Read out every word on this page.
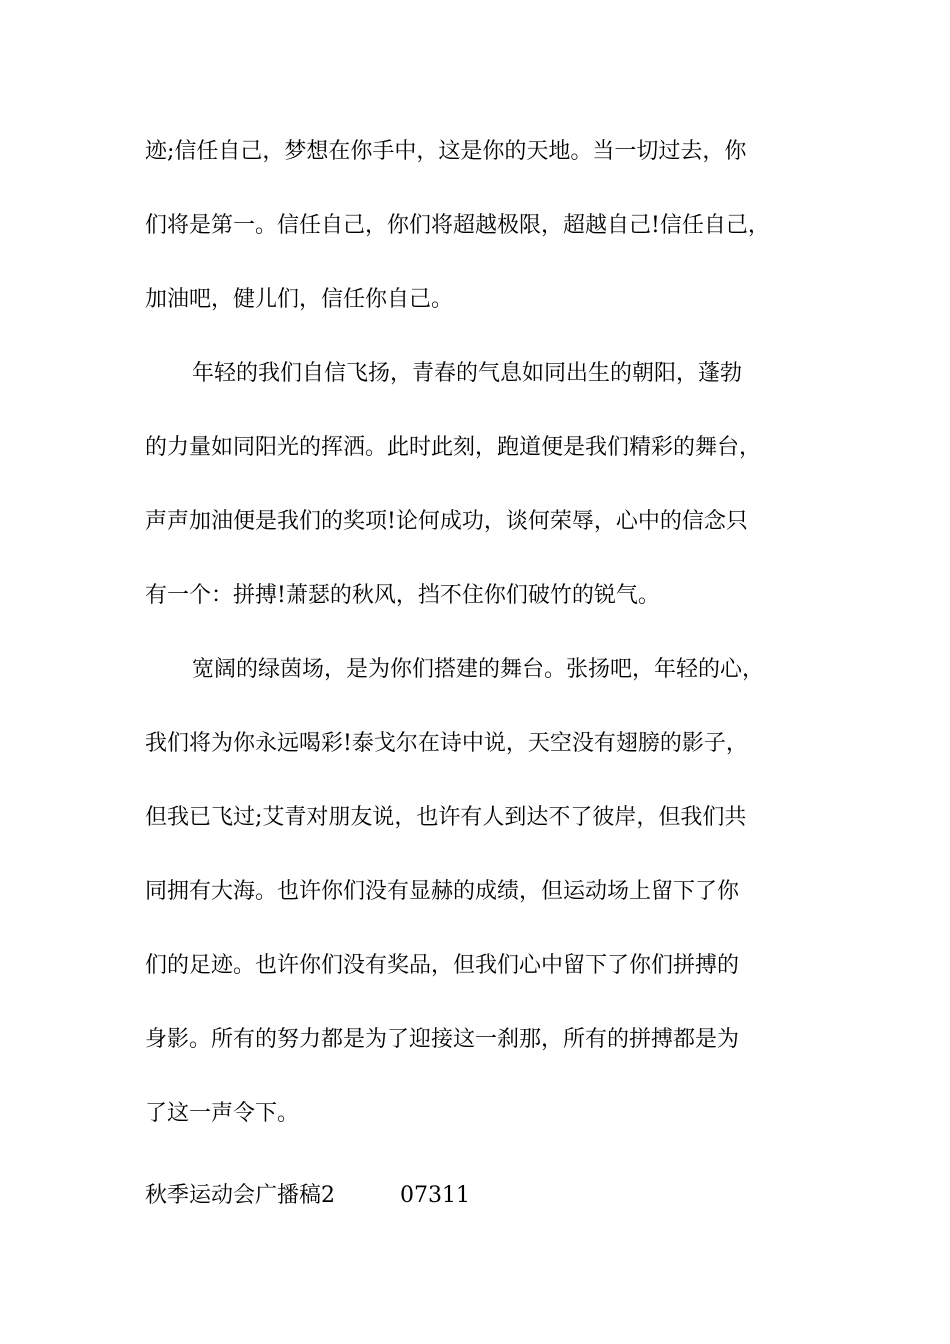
迹;信任自己，梦想在你手中，这是你的天地。当一切过去，你
们将是第一。信任自己，你们将超越极限，超越自己!信任自己，
加油吧，健儿们，信任你自己。
年轻的我们自信飞扬，青春的气息如同出生的朝阳，蓬勃
的力量如同阳光的挥洒。此时此刻，跑道便是我们精彩的舞台，
声声加油便是我们的奖项!论何成功，谈何荣辱，心中的信念只
有一个：拼搏!萧瑟的秋风，挡不住你们破竹的锐气。
宽阔的绿茵场，是为你们搭建的舞台。张扬吧，年轻的心，
我们将为你永远喝彩!泰戈尔在诗中说，天空没有翅膀的影子，
但我已飞过;艾青对朋友说，也许有人到达不了彼岸，但我们共
同拥有大海。也许你们没有显赫的成绩，但运动场上留下了你
们的足迹。也许你们没有奖品，但我们心中留下了你们拼搏的
身影。所有的努力都是为了迎接这一刹那，所有的拼搏都是为
了这一声令下。
秋季运动会广播稿2	07311
